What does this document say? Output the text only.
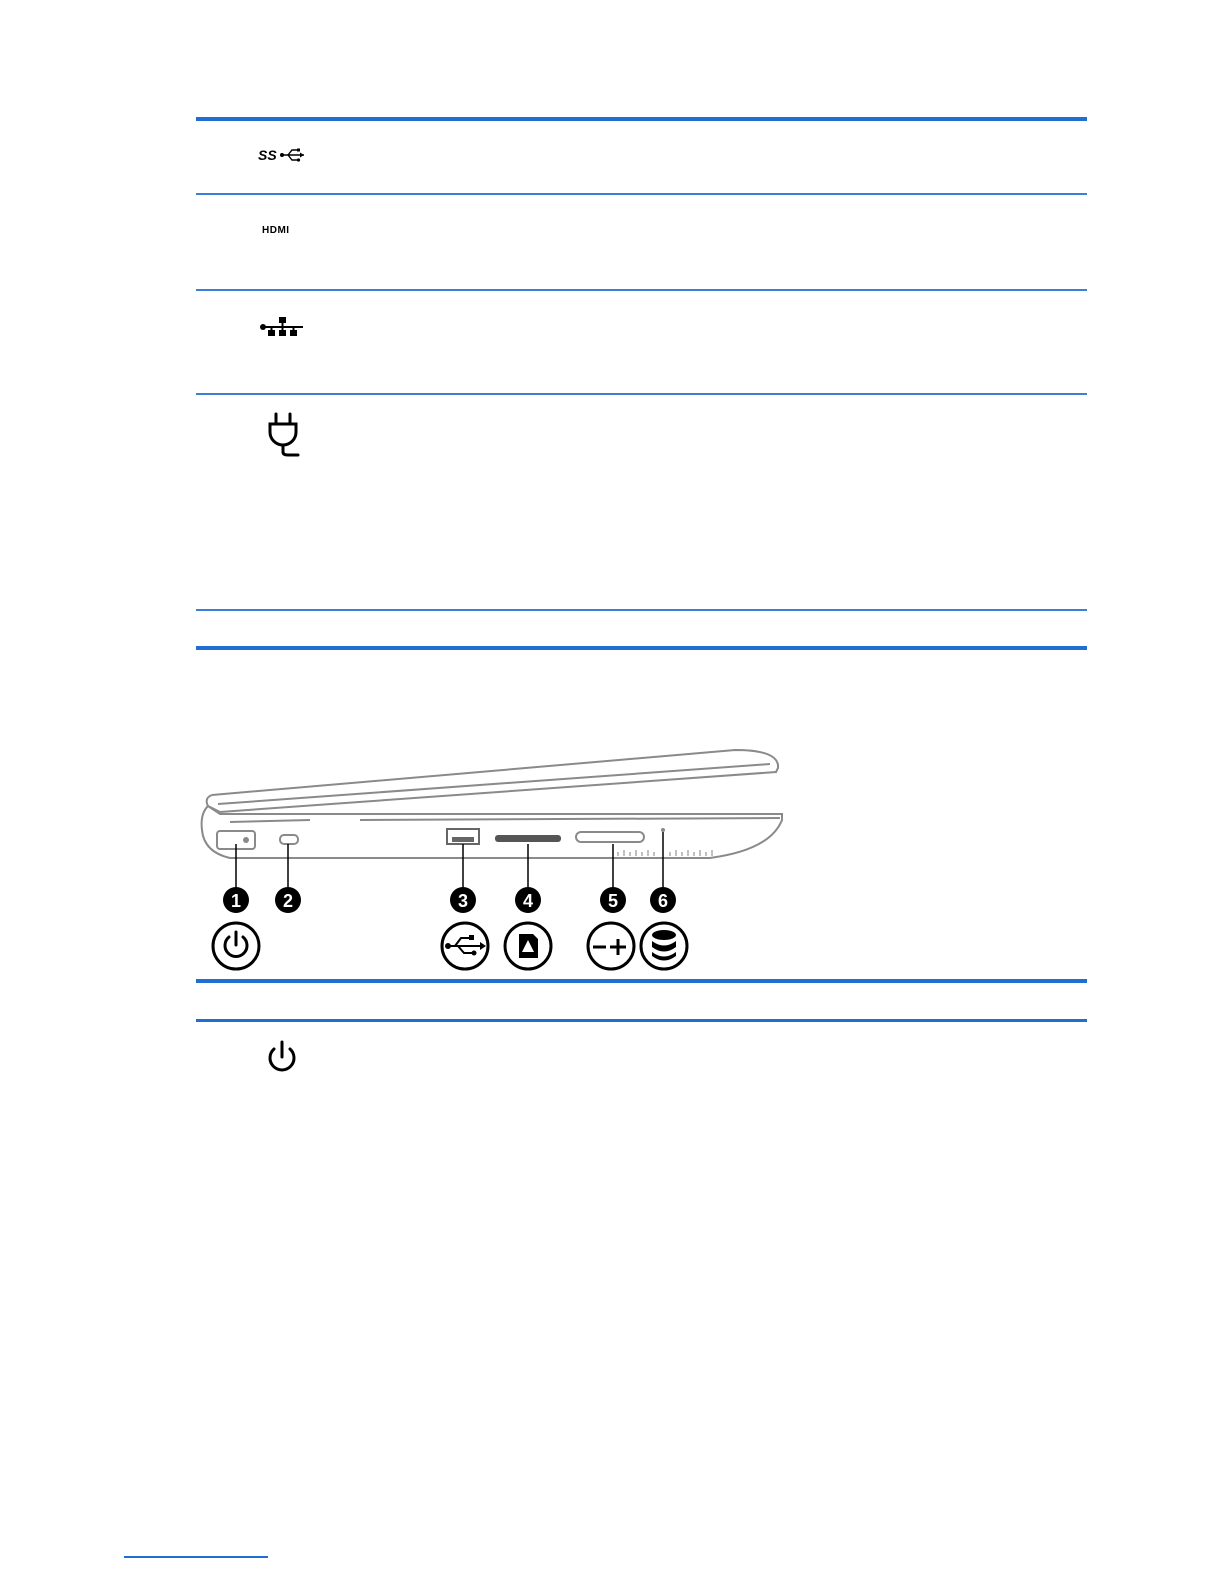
SS
HDMI
1 2	3	4	5 6
